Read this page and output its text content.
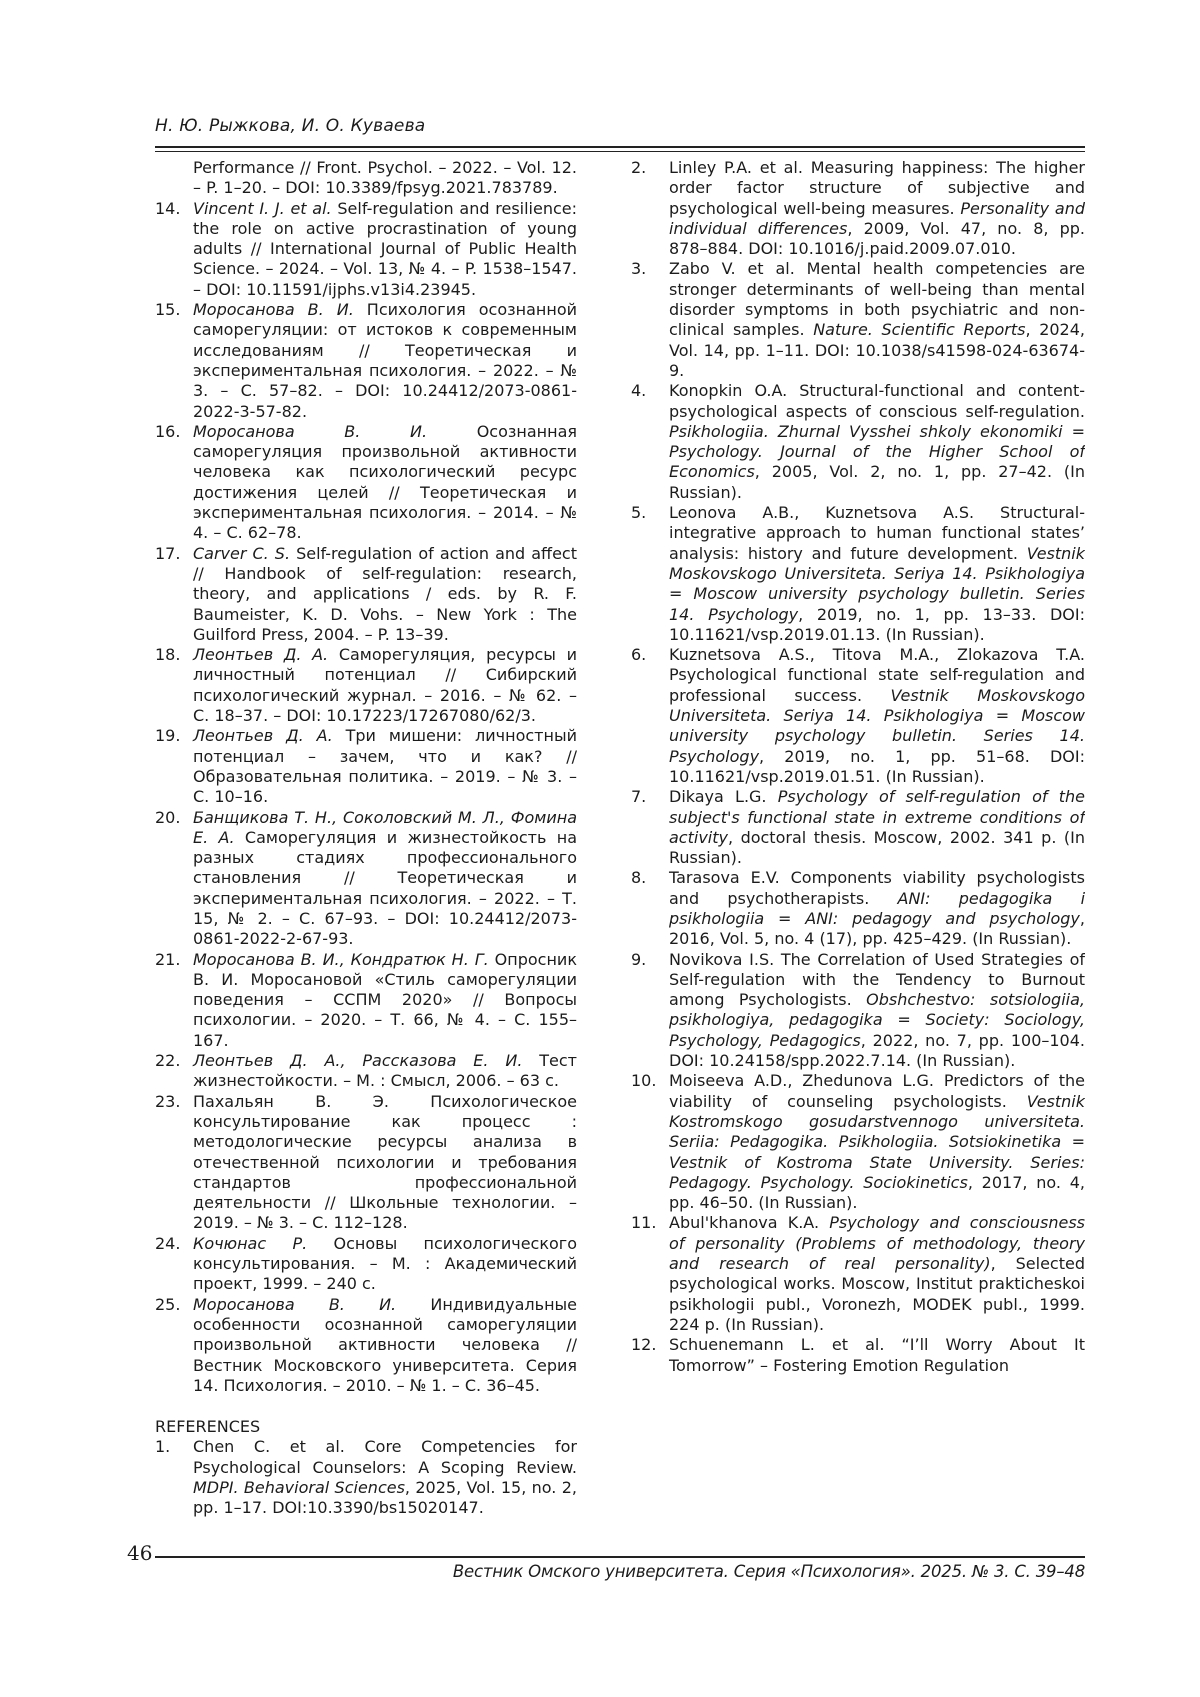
Н. Ю. Рыжкова, И. О. Куваева
Performance // Front. Psychol. – 2022. – Vol. 12. – P. 1–20. – DOI: 10.3389/fpsyg.2021.783789.
14. Vincent I. J. et al. Self-regulation and resilience: the role on active procrastination of young adults // International Journal of Public Health Science. – 2024. – Vol. 13, № 4. – P. 1538–1547. – DOI: 10.11591/ijphs.v13i4.23945.
15. Моросанова В. И. Психология осознанной саморегуляции: от истоков к современным исследованиям // Теоретическая и экспериментальная психология. – 2022. – № 3. – С. 57–82. – DOI: 10.24412/2073-0861-2022-3-57-82.
16. Моросанова В. И. Осознанная саморегуляция произвольной активности человека как психологический ресурс достижения целей // Теоретическая и экспериментальная психология. – 2014. – № 4. – С. 62–78.
17. Carver C. S. Self-regulation of action and affect // Handbook of self-regulation: research, theory, and applications / eds. by R. F. Baumeister, K. D. Vohs. – New York : The Guilford Press, 2004. – P. 13–39.
18. Леонтьев Д. А. Саморегуляция, ресурсы и личностный потенциал // Сибирский психологический журнал. – 2016. – № 62. – С. 18–37. – DOI: 10.17223/17267080/62/3.
19. Леонтьев Д. А. Три мишени: личностный потенциал – зачем, что и как? // Образовательная политика. – 2019. – № 3. – С. 10–16.
20. Банщикова Т. Н., Соколовский М. Л., Фомина Е. А. Саморегуляция и жизнестойкость на разных стадиях профессионального становления // Теоретическая и экспериментальная психология. – 2022. – Т. 15, № 2. – С. 67–93. – DOI: 10.24412/2073-0861-2022-2-67-93.
21. Моросанова В. И., Кондратюк Н. Г. Опросник В. И. Моросановой «Стиль саморегуляции поведения – ССПМ 2020» // Вопросы психологии. – 2020. – Т. 66, № 4. – С. 155–167.
22. Леонтьев Д. А., Рассказова Е. И. Тест жизнестойкости. – М. : Смысл, 2006. – 63 с.
23. Пахальян В. Э. Психологическое консультирование как процесс : методологические ресурсы анализа в отечественной психологии и требования стандартов профессиональной деятельности // Школьные технологии. – 2019. – № 3. – С. 112–128.
24. Кочюнас Р. Основы психологического консультирования. – М. : Академический проект, 1999. – 240 с.
25. Моросанова В. И. Индивидуальные особенности осознанной саморегуляции произвольной активности человека // Вестник Московского университета. Серия 14. Психология. – 2010. – № 1. – С. 36–45.
REFERENCES
1. Chen C. et al. Core Competencies for Psychological Counselors: A Scoping Review. MDPI. Behavioral Sciences, 2025, Vol. 15, no. 2, pp. 1–17. DOI:10.3390/bs15020147.
2. Linley P.A. et al. Measuring happiness: The higher order factor structure of subjective and psychological well-being measures. Personality and individual differences, 2009, Vol. 47, no. 8, pp. 878–884. DOI: 10.1016/j.paid.2009.07.010.
3. Zabo V. et al. Mental health competencies are stronger determinants of well-being than mental disorder symptoms in both psychiatric and non-clinical samples. Nature. Scientific Reports, 2024, Vol. 14, pp. 1–11. DOI: 10.1038/s41598-024-63674-9.
4. Konopkin O.A. Structural-functional and content-psychological aspects of conscious self-regulation. Psikhologiia. Zhurnal Vysshei shkoly ekonomiki = Psychology. Journal of the Higher School of Economics, 2005, Vol. 2, no. 1, pp. 27–42. (In Russian).
5. Leonova A.B., Kuznetsova A.S. Structural-integrative approach to human functional states’ analysis: history and future development. Vestnik Moskovskogo Universiteta. Seriya 14. Psikhologiya = Moscow university psychology bulletin. Series 14. Psychology, 2019, no. 1, pp. 13–33. DOI: 10.11621/vsp.2019.01.13. (In Russian).
6. Kuznetsova A.S., Titova M.A., Zlokazova T.A. Psychological functional state self-regulation and professional success. Vestnik Moskovskogo Universiteta. Seriya 14. Psikhologiya = Moscow university psychology bulletin. Series 14. Psychology, 2019, no. 1, pp. 51–68. DOI: 10.11621/vsp.2019.01.51. (In Russian).
7. Dikaya L.G. Psychology of self-regulation of the subject's functional state in extreme conditions of activity, doctoral thesis. Moscow, 2002. 341 p. (In Russian).
8. Tarasova E.V. Components viability psychologists and psychotherapists. ANI: pedagogika i psikhologiia = ANI: pedagogy and psychology, 2016, Vol. 5, no. 4 (17), pp. 425–429. (In Russian).
9. Novikova I.S. The Correlation of Used Strategies of Self-regulation with the Tendency to Burnout among Psychologists. Obshchestvo: sotsiologiia, psikhologiya, pedagogika = Society: Sociology, Psychology, Pedagogics, 2022, no. 7, pp. 100–104. DOI: 10.24158/spp.2022.7.14. (In Russian).
10. Moiseeva A.D., Zhedunova L.G. Predictors of the viability of counseling psychologists. Vestnik Kostromskogo gosudarstvennogo universiteta. Seriia: Pedagogika. Psikhologiia. Sotsiokinetika = Vestnik of Kostroma State University. Series: Pedagogy. Psychology. Sociokinetics, 2017, no. 4, pp. 46–50. (In Russian).
11. Abul'khanova K.A. Psychology and consciousness of personality (Problems of methodology, theory and research of real personality), Selected psychological works. Moscow, Institut prakticheskoi psikhologii publ., Voronezh, MODEK publ., 1999. 224 p. (In Russian).
12. Schuenemann L. et al. “I’ll Worry About It Tomorrow” – Fostering Emotion Regulation
46
Вестник Омского университета. Серия «Психология». 2025. № 3. С. 39–48
